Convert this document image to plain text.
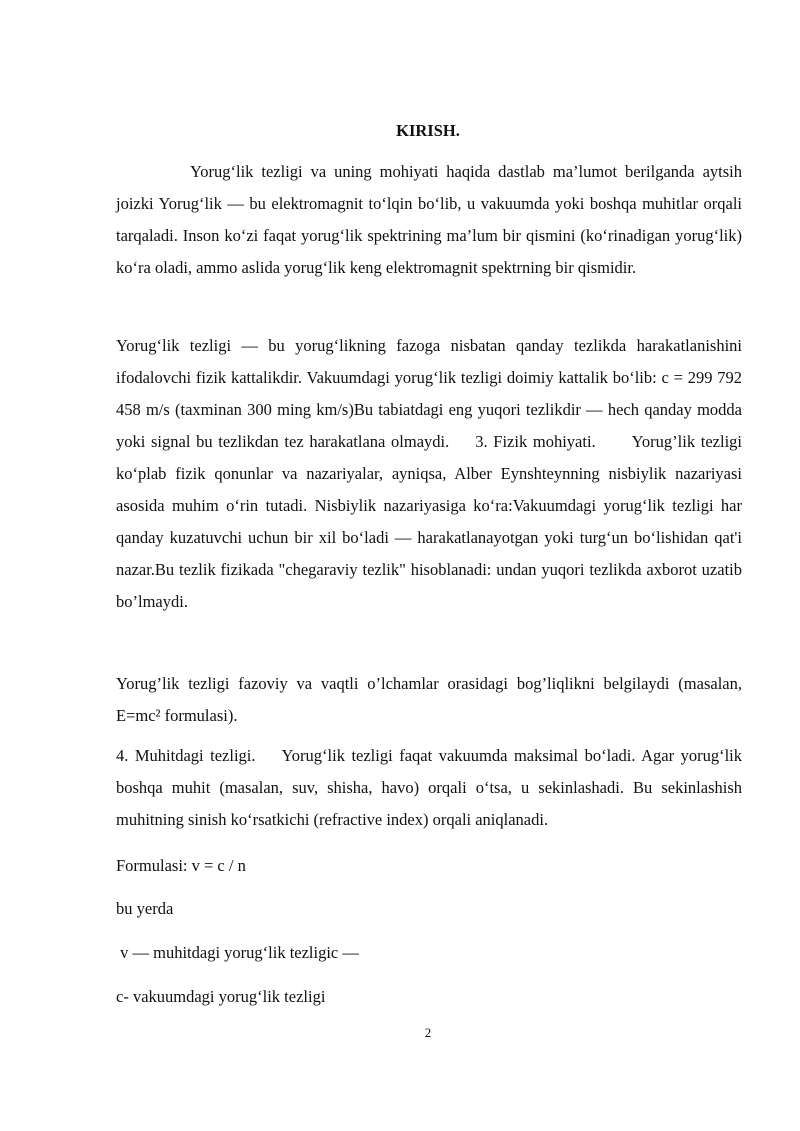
KIRISH.

Yorug‘lik tezligi va uning mohiyati haqida dastlab ma’lumot berilganda aytsih joizki Yorug‘lik — bu elektromagnit to‘lqin bo‘lib, u vakuumda yoki boshqa muhitlar orqali tarqaladi. Inson ko‘zi faqat yorug‘lik spektrining ma’lum bir qismini (ko‘rinadigan yorug‘lik) ko‘ra oladi, ammo aslida yorug‘lik keng elektromagnit spektrning bir qismidir.

Yorug‘lik tezligi — bu yorug‘likning fazoga nisbatan qanday tezlikda harakatlanishini ifodalovchi fizik kattalikdir. Vakuumdagi yorug‘lik tezligi doimiy kattalik bo‘lib: c = 299 792 458 m/s (taxminan 300 ming km/s)Bu tabiatdagi eng yuqori tezlikdir — hech qanday modda yoki signal bu tezlikdan tez harakatlana olmaydi. 3. Fizik mohiyati. Yorug’lik tezligi ko‘plab fizik qonunlar va nazariyalar, ayniqsa, Alber Eynshteynning nisbiylik nazariyasi asosida muhim o‘rin tutadi. Nisbiylik nazariyasiga ko‘ra:Vakuumdagi yorug‘lik tezligi har qanday kuzatuvchi uchun bir xil bo‘ladi — harakatlanayotgan yoki turg‘un bo‘lishidan qat'i nazar.Bu tezlik fizikada "chegaraviy tezlik" hisoblanadi: undan yuqori tezlikda axborot uzatib bo’lmaydi.

Yorug’lik tezligi fazoviy va vaqtli o’lchamlar orasidagi bog’liqlikni belgilaydi (masalan, E=mc² formulasi).

4. Muhitdagi tezligi. Yorug‘lik tezligi faqat vakuumda maksimal bo‘ladi. Agar yorug‘lik boshqa muhit (masalan, suv, shisha, havo) orqali o‘tsa, u sekinlashadi. Bu sekinlashish muhitning sinish ko‘rsatkichi (refractive index) orqali aniqlanadi.

Formulasi: v = c / n

bu yerda

v — muhitdagi yorug‘lik tezligic —

c- vakuumdagi yorug‘lik tezligi

2
